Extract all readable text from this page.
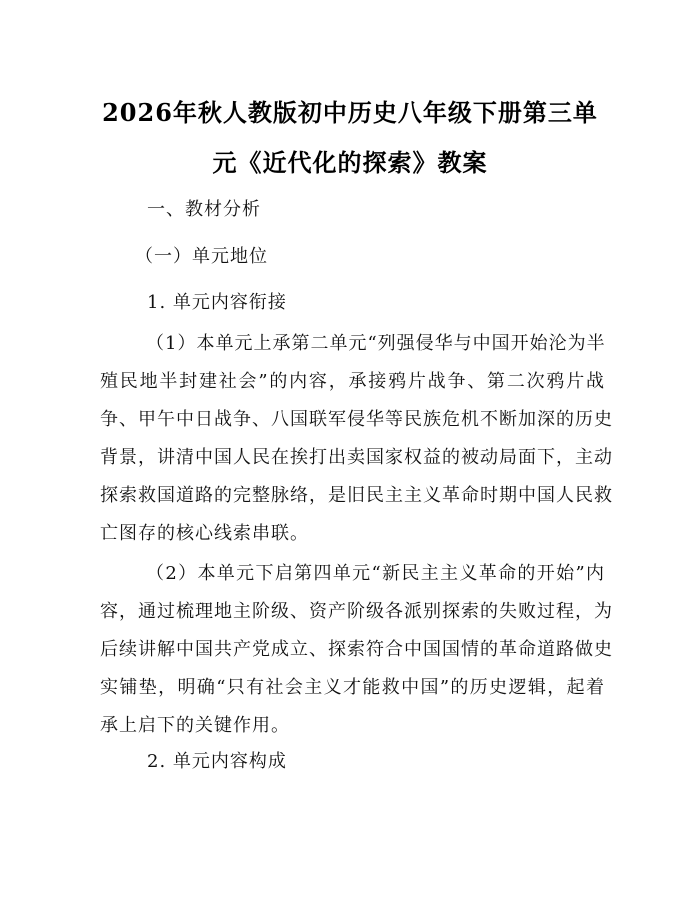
2026年秋人教版初中历史八年级下册第三单
元《近代化的探索》教案
一、教材分析
（一）单元地位
1. 单元内容衔接
（1）本单元上承第二单元“列强侵华与中国开始沦为半
殖民地半封建社会”的内容，承接鸦片战争、第二次鸦片战
争、甲午中日战争、八国联军侵华等民族危机不断加深的历史
背景，讲清中国人民在挨打出卖国家权益的被动局面下，主动
探索救国道路的完整脉络，是旧民主主义革命时期中国人民救
亡图存的核心线索串联。
（2）本单元下启第四单元“新民主主义革命的开始”内
容，通过梳理地主阶级、资产阶级各派别探索的失败过程，为
后续讲解中国共产党成立、探索符合中国国情的革命道路做史
实铺垫，明确“只有社会主义才能救中国”的历史逻辑，起着
承上启下的关键作用。
2. 单元内容构成
